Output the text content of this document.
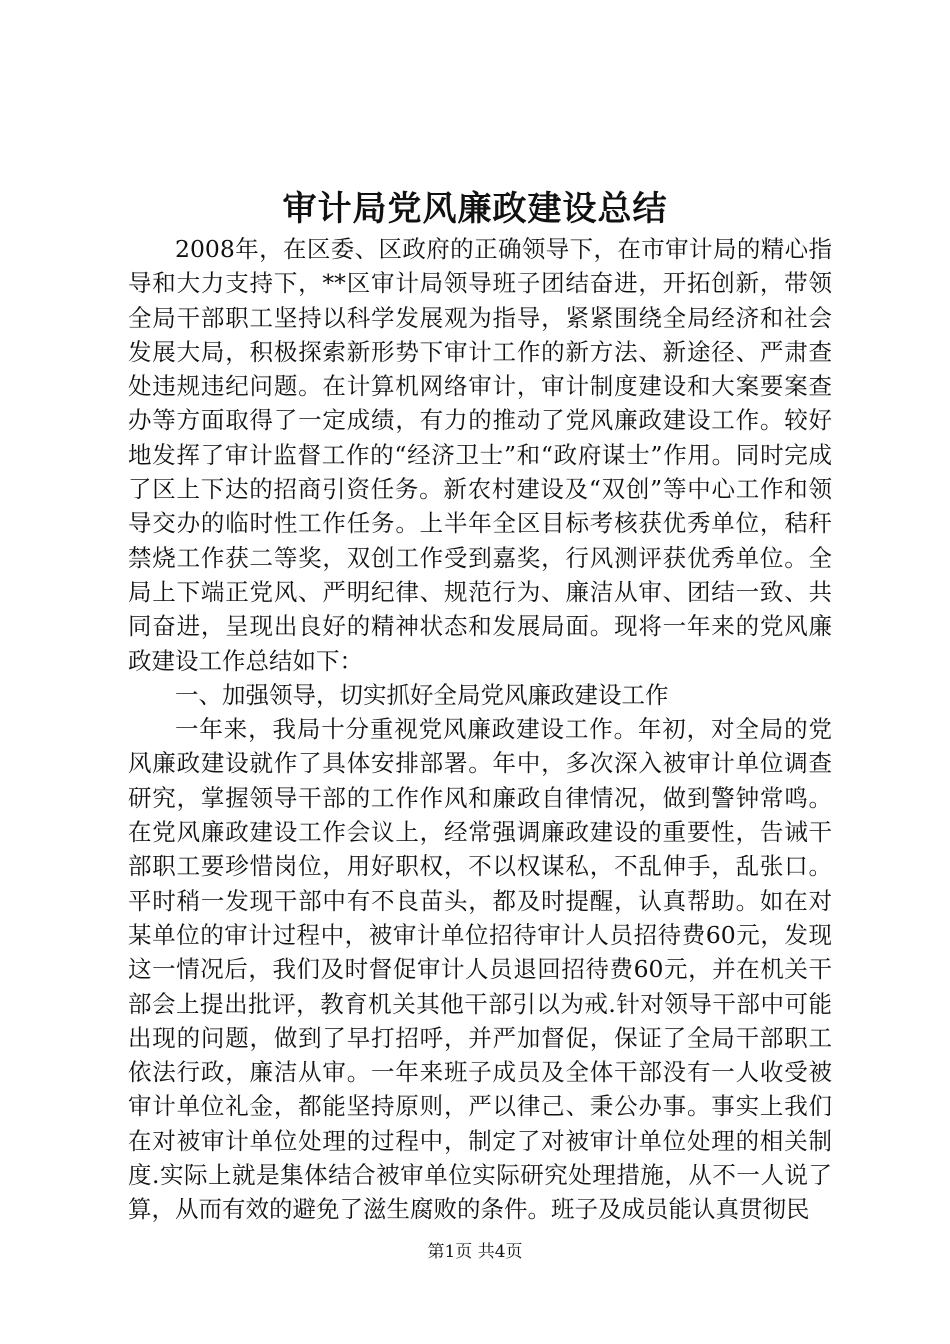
审计局党风廉政建设总结

2008年，在区委、区政府的正确领导下，在市审计局的精心指导和大力支持下，**区审计局领导班子团结奋进，开拓创新，带领全局干部职工坚持以科学发展观为指导，紧紧围绕全局经济和社会发展大局，积极探索新形势下审计工作的新方法、新途径、严肃查处违规违纪问题。在计算机网络审计，审计制度建设和大案要案查办等方面取得了一定成绩，有力的推动了党风廉政建设工作。较好地发挥了审计监督工作的“经济卫士”和“政府谋士”作用。同时完成了区上下达的招商引资任务。新农村建设及“双创”等中心工作和领导交办的临时性工作任务。上半年全区目标考核获优秀单位，秸秆禁烧工作获二等奖，双创工作受到嘉奖，行风测评获优秀单位。全局上下端正党风、严明纪律、规范行为、廉洁从审、团结一致、共同奋进，呈现出良好的精神状态和发展局面。现将一年来的党风廉政建设工作总结如下：

一、加强领导，切实抓好全局党风廉政建设工作

一年来，我局十分重视党风廉政建设工作。年初，对全局的党风廉政建设就作了具体安排部署。年中，多次深入被审计单位调查研究，掌握领导干部的工作作风和廉政自律情况，做到警钟常鸣。在党风廉政建设工作会议上，经常强调廉政建设的重要性，告诫干部职工要珍惜岗位，用好职权，不以权谋私，不乱伸手，乱张口。平时稍一发现干部中有不良苗头，都及时提醒，认真帮助。如在对某单位的审计过程中，被审计单位招待审计人员招待费60元，发现这一情况后，我们及时督促审计人员退回招待费60元，并在机关干部会上提出批评，教育机关其他干部引以为戒.针对领导干部中可能出现的问题，做到了早打招呼，并严加督促，保证了全局干部职工依法行政，廉洁从审。一年来班子成员及全体干部没有一人收受被审计单位礼金，都能坚持原则，严以律己、秉公办事。事实上我们在对被审计单位处理的过程中，制定了对被审计单位处理的相关制度.实际上就是集体结合被审单位实际研究处理措施，从不一人说了算，从而有效的避免了滋生腐败的条件。班子及成员能认真贯彻民

第1页 共4页
